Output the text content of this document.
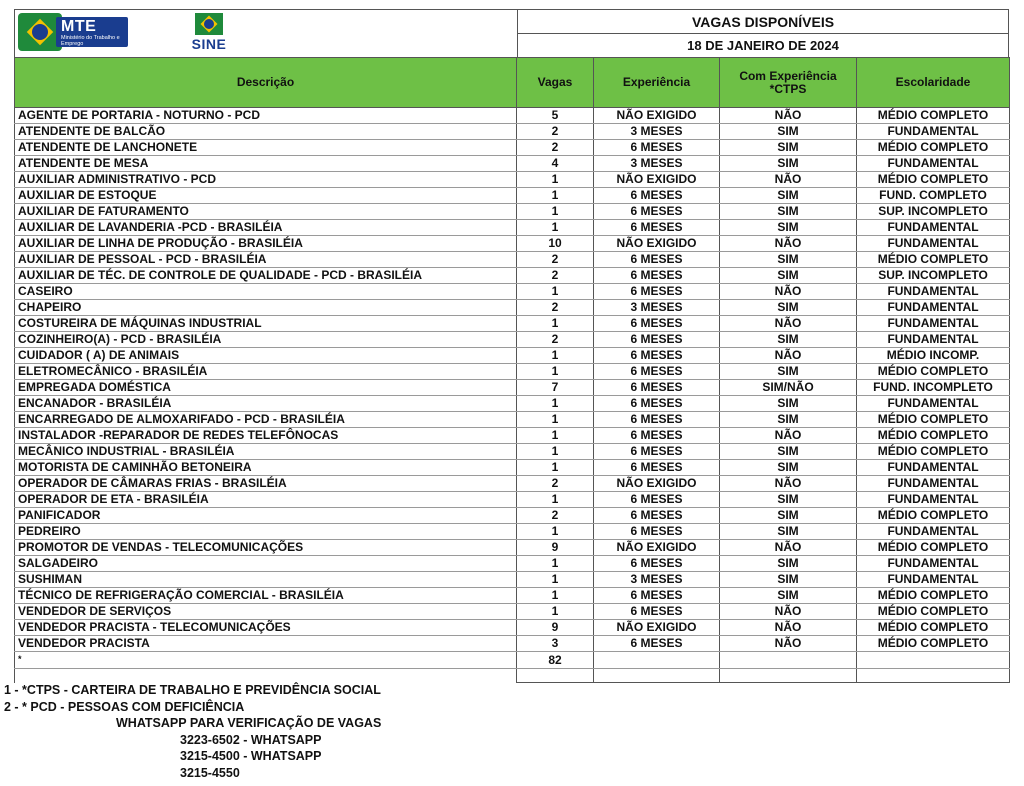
MTE
Ministério do Trabalho e Emprego	SINE
VAGAS DISPONÍVEIS
18 DE JANEIRO DE 2024
Descrição	Vagas	Experiência	Com Experiência *CTPS	Escolaridade
AGENTE DE PORTARIA - NOTURNO - PCD	5	NÃO EXIGIDO	NÃO	MÉDIO COMPLETO
ATENDENTE DE BALCÃO	2	3 MESES	SIM	FUNDAMENTAL
ATENDENTE DE LANCHONETE	2	6 MESES	SIM	MÉDIO COMPLETO
ATENDENTE DE MESA	4	3 MESES	SIM	FUNDAMENTAL
AUXILIAR ADMINISTRATIVO - PCD	1	NÃO EXIGIDO	NÃO	MÉDIO COMPLETO
AUXILIAR DE ESTOQUE	1	6 MESES	SIM	FUND. COMPLETO
AUXILIAR DE FATURAMENTO	1	6 MESES	SIM	SUP. INCOMPLETO
AUXILIAR DE LAVANDERIA -PCD - BRASILÉIA	1	6 MESES	SIM	FUNDAMENTAL
AUXILIAR DE LINHA DE PRODUÇÃO - BRASILÉIA	10	NÃO EXIGIDO	NÃO	FUNDAMENTAL
AUXILIAR DE PESSOAL - PCD - BRASILÉIA	2	6 MESES	SIM	MÉDIO COMPLETO
AUXILIAR DE TÉC. DE CONTROLE DE QUALIDADE - PCD - BRASILÉIA	2	6 MESES	SIM	SUP. INCOMPLETO
CASEIRO	1	6 MESES	NÃO	FUNDAMENTAL
CHAPEIRO	2	3 MESES	SIM	FUNDAMENTAL
COSTUREIRA DE MÁQUINAS INDUSTRIAL	1	6 MESES	NÃO	FUNDAMENTAL
COZINHEIRO(A) - PCD - BRASILÉIA	2	6 MESES	SIM	FUNDAMENTAL
CUIDADOR ( A) DE ANIMAIS	1	6 MESES	NÃO	MÉDIO INCOMP.
ELETROMECÂNICO - BRASILÉIA	1	6 MESES	SIM	MÉDIO COMPLETO
EMPREGADA DOMÉSTICA	7	6 MESES	SIM/NÃO	FUND. INCOMPLETO
ENCANADOR - BRASILÉIA	1	6 MESES	SIM	FUNDAMENTAL
ENCARREGADO DE ALMOXARIFADO - PCD - BRASILÉIA	1	6 MESES	SIM	MÉDIO COMPLETO
INSTALADOR -REPARADOR DE REDES TELEFÔNOCAS	1	6 MESES	NÃO	MÉDIO COMPLETO
MECÂNICO INDUSTRIAL - BRASILÉIA	1	6 MESES	SIM	MÉDIO COMPLETO
MOTORISTA DE CAMINHÃO BETONEIRA	1	6 MESES	SIM	FUNDAMENTAL
OPERADOR DE CÂMARAS FRIAS - BRASILÉIA	2	NÃO EXIGIDO	NÃO	FUNDAMENTAL
OPERADOR DE ETA - BRASILÉIA	1	6 MESES	SIM	FUNDAMENTAL
PANIFICADOR	2	6 MESES	SIM	MÉDIO COMPLETO
PEDREIRO	1	6 MESES	SIM	FUNDAMENTAL
PROMOTOR DE VENDAS - TELECOMUNICAÇÕES	9	NÃO EXIGIDO	NÃO	MÉDIO COMPLETO
SALGADEIRO	1	6 MESES	SIM	FUNDAMENTAL
SUSHIMAN	1	3 MESES	SIM	FUNDAMENTAL
TÉCNICO DE REFRIGERAÇÃO COMERCIAL - BRASILÉIA	1	6 MESES	SIM	MÉDIO COMPLETO
VENDEDOR DE SERVIÇOS	1	6 MESES	NÃO	MÉDIO COMPLETO
VENDEDOR PRACISTA - TELECOMUNICAÇÕES	9	NÃO EXIGIDO	NÃO	MÉDIO COMPLETO
VENDEDOR PRACISTA	3	6 MESES	NÃO	MÉDIO COMPLETO
*	82			

1 - *CTPS - CARTEIRA DE TRABALHO E PREVIDÊNCIA SOCIAL
2 - * PCD - PESSOAS COM DEFICIÊNCIA
WHATSAPP PARA VERIFICAÇÃO DE VAGAS
3223-6502 - WHATSAPP
3215-4500 - WHATSAPP
3215-4550
